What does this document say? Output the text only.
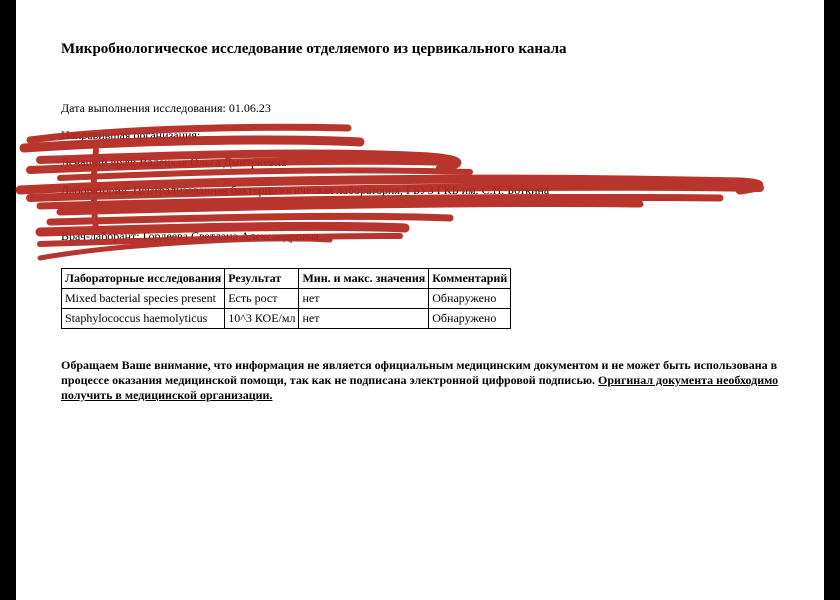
Микробиологическое исследование отделяемого из цервикального канала
Дата выполнения исследования: 01.06.23
Направившая организация:
Лечащий врач: Вадецкая Ольга Дмитриевна
Лаборатория: Централизованная бактериологическая лаборатория, ГБУЗ ГКБ им. С.П. Боткина
Врач-лаборант: Гордеева Светлана Александровна
Лабораторные исследования	Результат	Мин. и макс. значения	Комментарий
Mixed bacterial species present	Есть рост	нет	Обнаружено
Staphylococcus haemolyticus	10^3 КОЕ/мл	нет	Обнаружено
Обращаем Ваше внимание, что информация не является официальным медицинским документом и не может быть использована в процессе оказания медицинской помощи, так как не подписана электронной цифровой подписью. Оригинал документа необходимо получить в медицинской организации.
